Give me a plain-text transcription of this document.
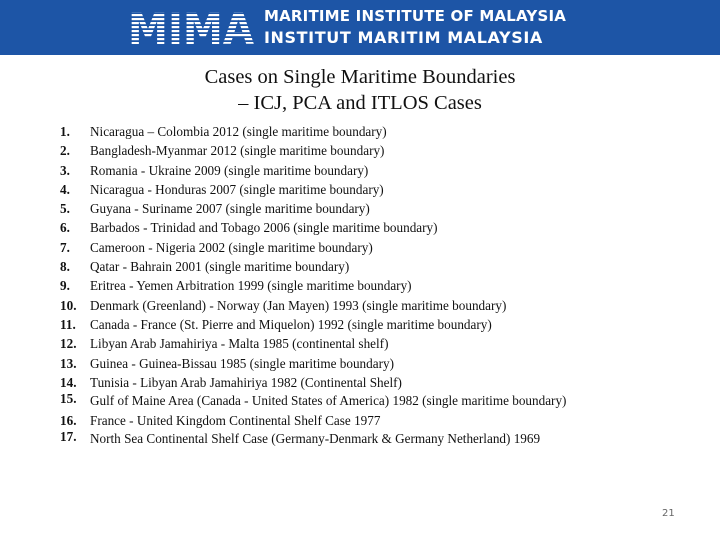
MARITIME INSTITUTE OF MALAYSIA
INSTITUT MARITIM MALAYSIA
Cases on Single Maritime Boundaries
– ICJ, PCA and ITLOS Cases
1. Nicaragua – Colombia 2012 (single maritime boundary)
2. Bangladesh-Myanmar 2012 (single maritime boundary)
3. Romania - Ukraine 2009 (single maritime boundary)
4. Nicaragua - Honduras 2007 (single maritime boundary)
5. Guyana - Suriname 2007 (single maritime boundary)
6. Barbados - Trinidad and Tobago 2006 (single maritime boundary)
7. Cameroon - Nigeria 2002 (single maritime boundary)
8. Qatar - Bahrain 2001 (single maritime boundary)
9. Eritrea - Yemen Arbitration 1999 (single maritime boundary)
10. Denmark (Greenland) - Norway (Jan Mayen) 1993 (single maritime boundary)
11. Canada - France (St. Pierre and Miquelon) 1992 (single maritime boundary)
12. Libyan Arab Jamahiriya - Malta 1985 (continental shelf)
13. Guinea - Guinea-Bissau 1985 (single maritime boundary)
14. Tunisia - Libyan Arab Jamahiriya 1982 (Continental Shelf)
15. Gulf of Maine Area (Canada - United States of America) 1982 (single maritime boundary)
16. France - United Kingdom Continental Shelf Case 1977
17. North Sea Continental Shelf Case (Germany-Denmark & Germany Netherland) 1969
21
